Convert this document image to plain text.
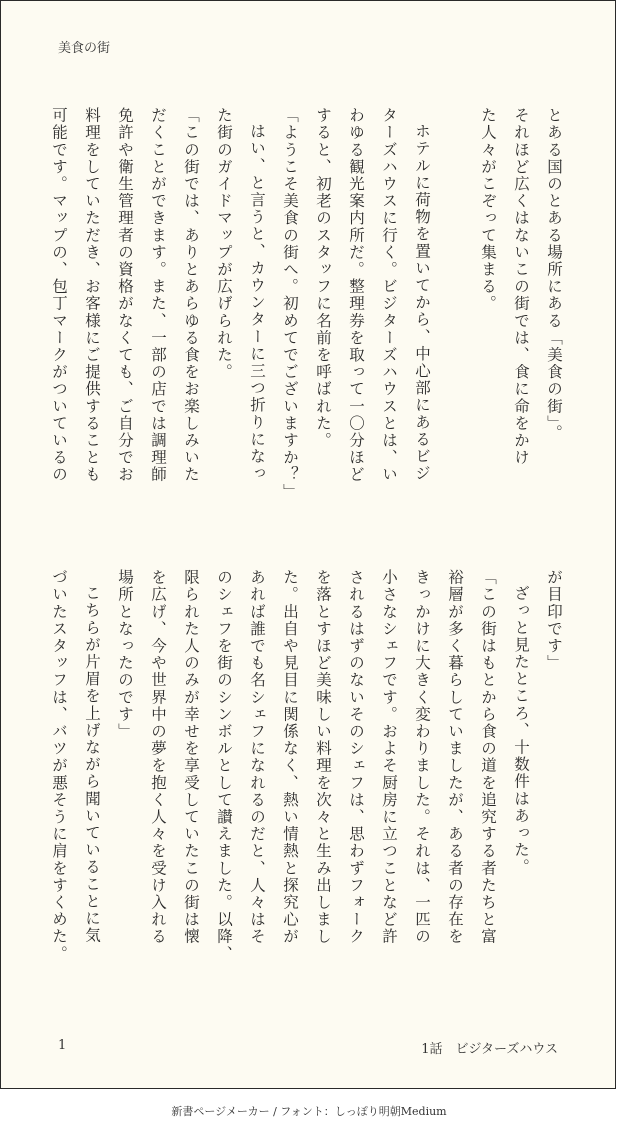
美食の街
とある国のとある場所にある「美食の街」。
それほど広くはないこの街では、食に命をかけ
た人々がこぞって集まる。
ホテルに荷物を置いてから、中心部にあるビジ
ターズハウスに行く。ビジターズハウスとは、い
わゆる観光案内所だ。整理券を取って一〇分ほど
すると、初老のスタッフに名前を呼ばれた。
「ようこそ美食の街へ。初めてでございますか？」
はい、と言うと、カウンターに三つ折りになっ
た街のガイドマップが広げられた。
「この街では、ありとあらゆる食をお楽しみいた
だくことができます。また、一部の店では調理師
免許や衛生管理者の資格がなくても、ご自分でお
料理をしていただき、お客様にご提供することも
可能です。マップの、包丁マークがついているの
が目印です」
ざっと見たところ、十数件はあった。
「この街はもとから食の道を追究する者たちと富
裕層が多く暮らしていましたが、ある者の存在を
きっかけに大きく変わりました。それは、一匹の
小さなシェフです。およそ厨房に立つことなど許
されるはずのないそのシェフは、思わずフォーク
を落とすほど美味しい料理を次々と生み出しまし
た。出自や見目に関係なく、熱い情熱と探究心が
あれば誰でも名シェフになれるのだと、人々はそ
のシェフを街のシンボルとして讃えました。以降、
限られた人のみが幸せを享受していたこの街は懐
を広げ、今や世界中の夢を抱く人々を受け入れる
場所となったのです」
こちらが片眉を上げながら聞いていることに気
づいたスタッフは、バツが悪そうに肩をすくめた。
1	1話　ビジターズハウス
新書ページメーカー / フォント：しっぽり明朝Medium
